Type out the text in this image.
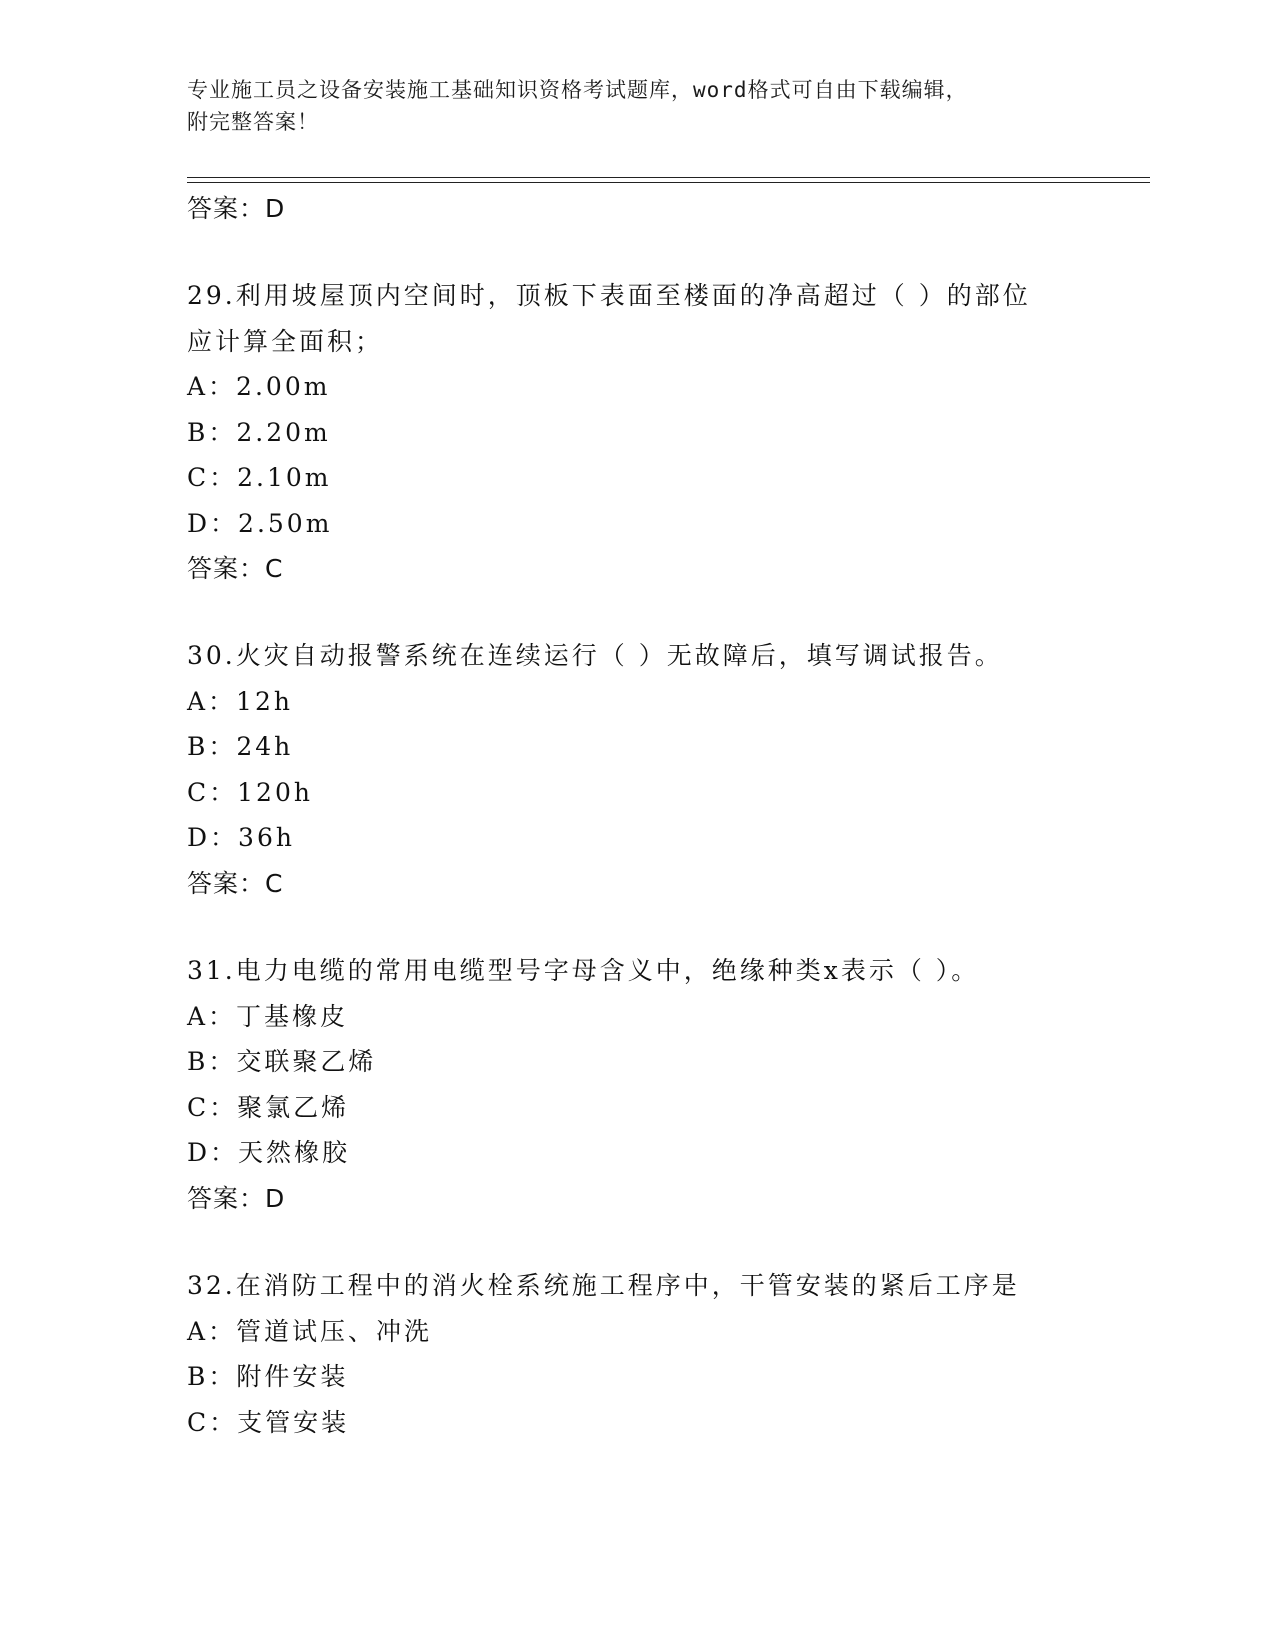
专业施工员之设备安装施工基础知识资格考试题库，word格式可自由下载编辑，
附完整答案！
答案：D
29.利用坡屋顶内空间时，顶板下表面至楼面的净高超过（ ）的部位
应计算全面积；
A：2.00m
B：2.20m
C：2.10m
D：2.50m
答案：C
30.火灾自动报警系统在连续运行（ ）无故障后，填写调试报告。
A：12h
B：24h
C：120h
D：36h
答案：C
31.电力电缆的常用电缆型号字母含义中，绝缘种类x表示（ ）。
A：丁基橡皮
B：交联聚乙烯
C：聚氯乙烯
D：天然橡胶
答案：D
32.在消防工程中的消火栓系统施工程序中，干管安装的紧后工序是
A：管道试压、冲洗
B：附件安装
C：支管安装
